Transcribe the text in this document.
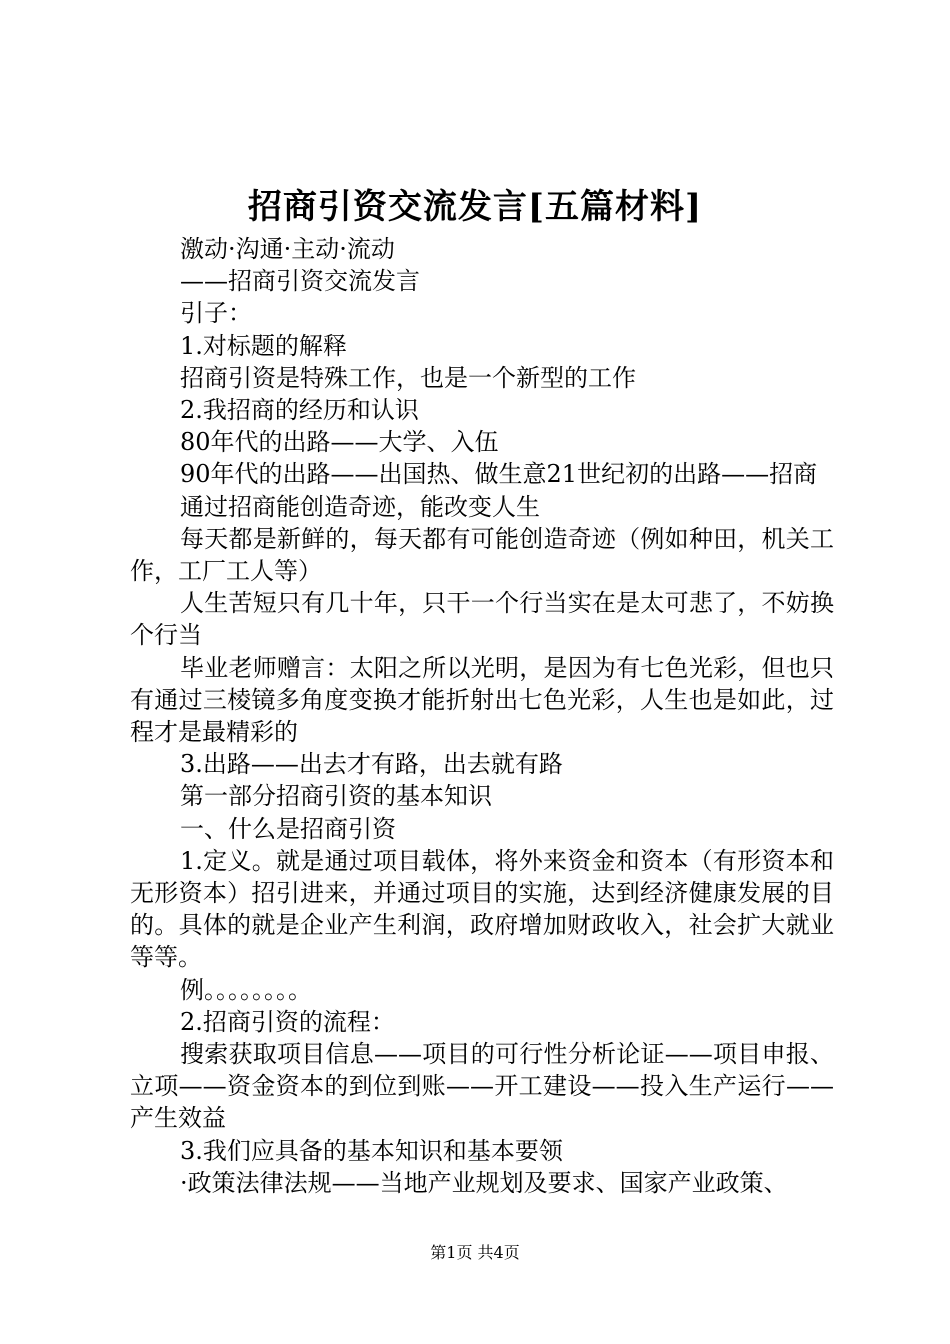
招商引资交流发言[五篇材料]

激动·沟通·主动·流动

——招商引资交流发言

引子：

1.对标题的解释

招商引资是特殊工作，也是一个新型的工作

2.我招商的经历和认识

80年代的出路——大学、入伍

90年代的出路——出国热、做生意21世纪初的出路——招商

通过招商能创造奇迹，能改变人生

每天都是新鲜的，每天都有可能创造奇迹（例如种田，机关工作，工厂工人等）

人生苦短只有几十年，只干一个行当实在是太可悲了，不妨换个行当

毕业老师赠言：太阳之所以光明，是因为有七色光彩，但也只有通过三棱镜多角度变换才能折射出七色光彩，人生也是如此，过程才是最精彩的

3.出路——出去才有路，出去就有路

第一部分招商引资的基本知识

一、什么是招商引资

1.定义。就是通过项目载体，将外来资金和资本（有形资本和无形资本）招引进来，并通过项目的实施，达到经济健康发展的目的。具体的就是企业产生利润，政府增加财政收入，社会扩大就业等等。

例。。。。。。。。

2.招商引资的流程：

搜索获取项目信息——项目的可行性分析论证——项目申报、立项——资金资本的到位到账——开工建设——投入生产运行——产生效益

3.我们应具备的基本知识和基本要领

·政策法律法规——当地产业规划及要求、国家产业政策、

第1页 共4页
